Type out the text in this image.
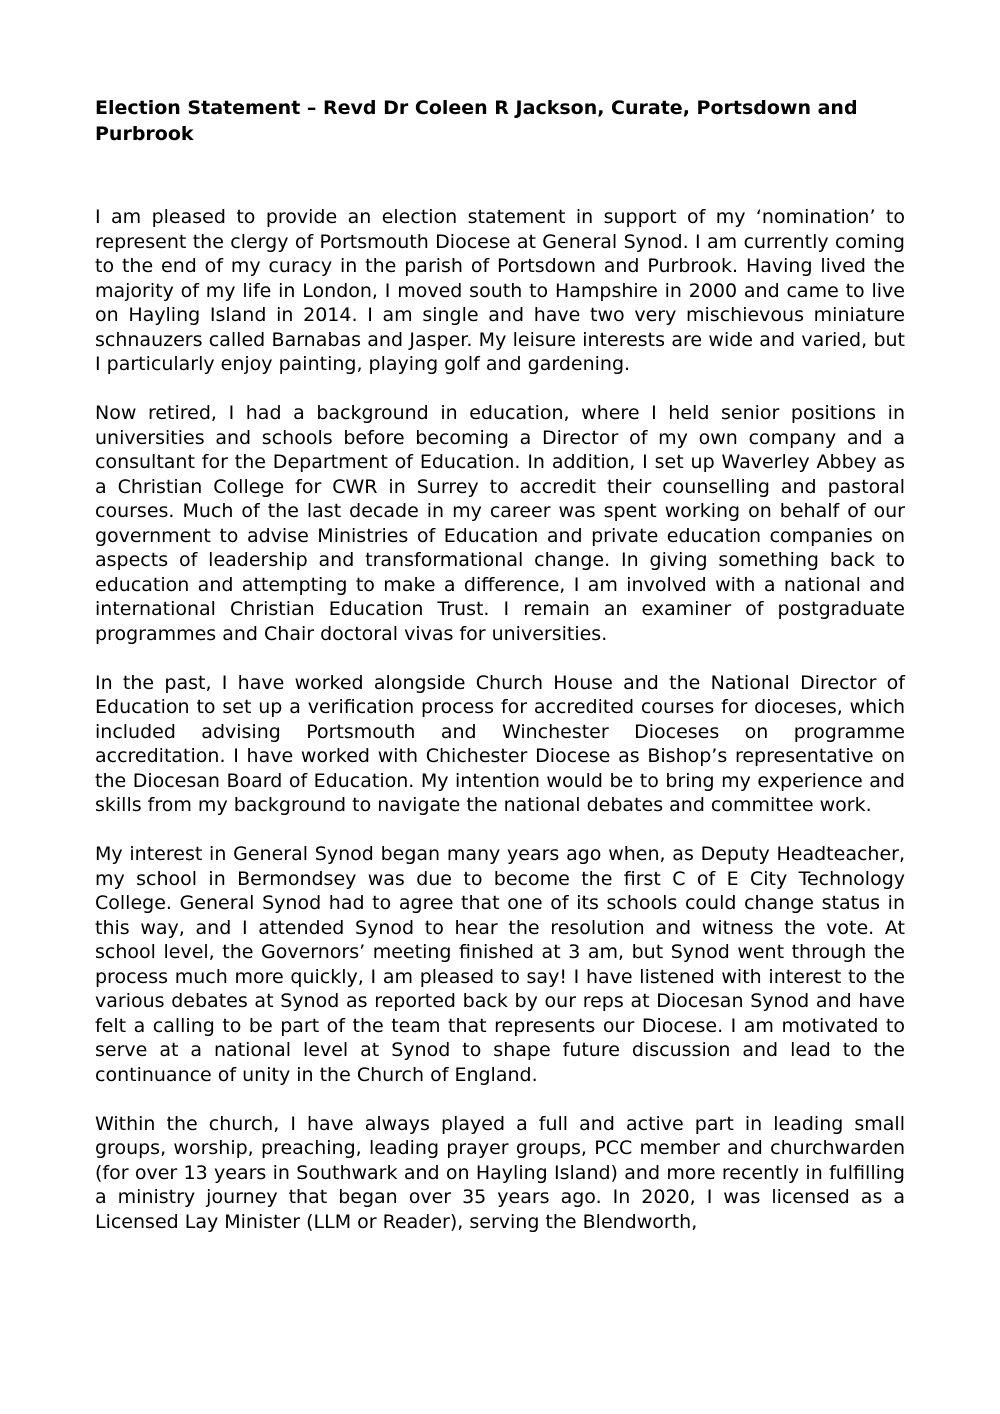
Election Statement – Revd Dr Coleen R Jackson, Curate, Portsdown and Purbrook

I am pleased to provide an election statement in support of my ‘nomination’ to represent the clergy of Portsmouth Diocese at General Synod. I am currently coming to the end of my curacy in the parish of Portsdown and Purbrook. Having lived the majority of my life in London, I moved south to Hampshire in 2000 and came to live on Hayling Island in 2014. I am single and have two very mischievous miniature schnauzers called Barnabas and Jasper. My leisure interests are wide and varied, but I particularly enjoy painting, playing golf and gardening.

Now retired, I had a background in education, where I held senior positions in universities and schools before becoming a Director of my own company and a consultant for the Department of Education. In addition, I set up Waverley Abbey as a Christian College for CWR in Surrey to accredit their counselling and pastoral courses. Much of the last decade in my career was spent working on behalf of our government to advise Ministries of Education and private education companies on aspects of leadership and transformational change. In giving something back to education and attempting to make a difference, I am involved with a national and international Christian Education Trust. I remain an examiner of postgraduate programmes and Chair doctoral vivas for universities.

In the past, I have worked alongside Church House and the National Director of Education to set up a verification process for accredited courses for dioceses, which included advising Portsmouth and Winchester Dioceses on programme accreditation. I have worked with Chichester Diocese as Bishop’s representative on the Diocesan Board of Education. My intention would be to bring my experience and skills from my background to navigate the national debates and committee work.

My interest in General Synod began many years ago when, as Deputy Headteacher, my school in Bermondsey was due to become the first C of E City Technology College. General Synod had to agree that one of its schools could change status in this way, and I attended Synod to hear the resolution and witness the vote. At school level, the Governors’ meeting finished at 3 am, but Synod went through the process much more quickly, I am pleased to say! I have listened with interest to the various debates at Synod as reported back by our reps at Diocesan Synod and have felt a calling to be part of the team that represents our Diocese. I am motivated to serve at a national level at Synod to shape future discussion and lead to the continuance of unity in the Church of England.

Within the church, I have always played a full and active part in leading small groups, worship, preaching, leading prayer groups, PCC member and churchwarden (for over 13 years in Southwark and on Hayling Island) and more recently in fulfilling a ministry journey that began over 35 years ago. In 2020, I was licensed as a Licensed Lay Minister (LLM or Reader), serving the Blendworth,
